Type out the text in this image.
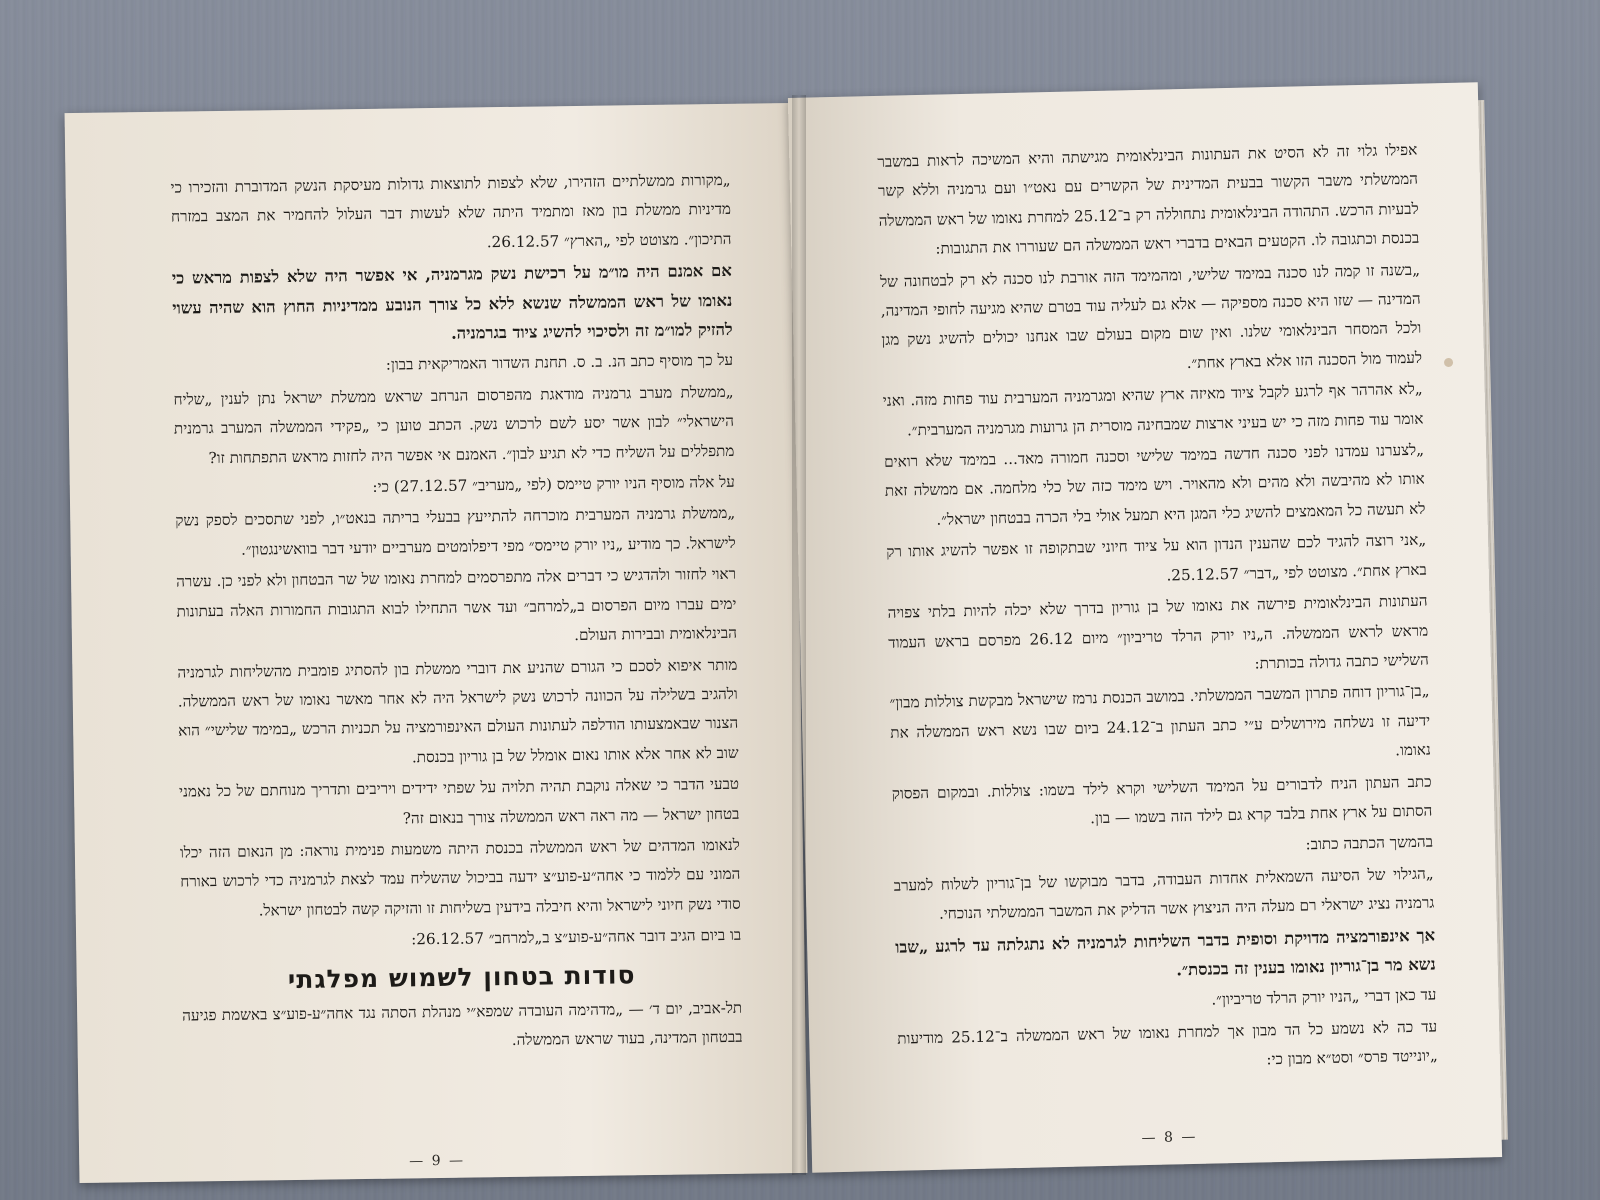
„מקורות ממשלתיים הזהירו, שלא לצפות לתוצאות גדולות מעיסקת הנשק המדוברת והזכירו כי מדיניות ממשלת בון מאז ומתמיד היתה שלא לעשות דבר העלול להחמיר את המצב במזרח התיכון״. מצוטט לפי „הארץ״ 26.12.57.

אם אמנם היה מו״מ על רכישת נשק מגרמניה, אי אפשר היה שלא לצפות מראש כי נאומו של ראש הממשלה שנשא ללא כל צורך הנובע ממדיניות החוץ הוא שהיה עשוי להזיק למו״מ זה ולסיכוי להשיג ציוד בגרמניה.

על כך מוסיף כתב הנ. ב. ס. תחנת השדור האמריקאית בבון:

„ממשלת מערב גרמניה מודאגת מהפרסום הנרחב שראש ממשלת ישראל נתן לענין „שליח הישראלי״ לבון אשר יסע לשם לרכוש נשק. הכתב טוען כי „פקידי הממשלה המערב גרמנית מתפללים על השליח כדי לא תגיע לבון״. האמנם אי אפשר היה לחזות מראש התפתחות זו?

על אלה מוסיף הניו יורק טיימס (לפי „מעריב״ 27.12.57) כי:

„ממשלת גרמניה המערבית מוכרחה להתייעץ בבעלי בריתה בנאט״ו, לפני שתסכים לספק נשק לישראל. כך מודיע „ניו יורק טיימס״ מפי דיפלומטים מערביים יודעי דבר בוואשינגטון״.

ראוי לחזור ולהדגיש כי דברים אלה מתפרסמים למחרת נאומו של שר הבטחון ולא לפני כן. עשרה ימים עברו מיום הפרסום ב„למרחב״ ועד אשר התחילו לבוא התגובות החמורות האלה בעתונות הבינלאומית ובבירות העולם.

מותר איפוא לסכם כי הגורם שהניע את דוברי ממשלת בון להסתיג פומבית מהשליחות לגרמניה ולהגיב בשלילה על הכוונה לרכוש נשק לישראל היה לא אחר מאשר נאומו של ראש הממשלה. הצנור שבאמצעותו הודלפה לעתונות העולם האינפורמציה על תכניות הרכש „במימד שלישי״ הוא שוב לא אחר אלא אותו נאום אומלל של בן גוריון בכנסת.

טבעי הדבר כי שאלה נוקבת תהיה תלויה על שפתי ידידים ויריבים ותדריך מנוחתם של כל נאמני בטחון ישראל — מה ראה ראש הממשלה צורך בנאום זה?

לנאומו המדהים של ראש הממשלה בכנסת היתה משמעות פנימית נוראה: מן הנאום הזה יכלו המוני עם ללמוד כי אחה״ע-פוע״צ ידעה בביכול שהשליח עמד לצאת לגרמניה כדי לרכוש באורח סודי נשק חיוני לישראל והיא חיבלה בידעין בשליחות זו והזיקה קשה לבטחון ישראל.

בו ביום הגיב דובר אחה״ע-פוע״צ ב„למרחב״ 26.12.57:

סודות בטחון לשמוש מפלגתי

תל-אביב, יום ד׳ — „מדהימה העובדה שמפא״י מנהלת הסתה נגד אחה״ע-פוע״צ באשמת פגיעה בבטחון המדינה, בעוד שראש הממשלה.

— 9 —

אפילו גלוי זה לא הסיט את העתונות הבינלאומית מגישתה והיא המשיכה לראות במשבר הממשלתי משבר הקשור בבעית המדינית של הקשרים עם נאט״ו ועם גרמניה וללא קשר לבעיות הרכש. התהודה הבינלאומית נתחוללה רק ב־25.12 למחרת נאומו של ראש הממשלה בכנסת וכתגובה לו. הקטעים הבאים בדברי ראש הממשלה הם שעוררו את התגובות:

„בשנה זו קמה לנו סכנה במימד שלישי, ומהמימד הזה אורבת לנו סכנה לא רק לבטחונה של המדינה — שזו היא סכנה מספיקה — אלא גם לעליה עוד בטרם שהיא מגיעה לחופי המדינה, ולכל המסחר הבינלאומי שלנו. ואין שום מקום בעולם שבו אנחנו יכולים להשיג נשק מגן לעמוד מול הסכנה הזו אלא בארץ אחת״.

„לא אהרהר אף לרגע לקבל ציוד מאיזה ארץ שהיא ומגרמניה המערבית עוד פחות מזה. ואני אומר עוד פחות מזה כי יש בעיני ארצות שמבחינה מוסרית הן גרועות מגרמניה המערבית״.

„לצערנו עמדנו לפני סכנה חדשה במימד שלישי וסכנה חמורה מאד... במימד שלא רואים אותו לא מהיבשה ולא מהים ולא מהאויר. ויש מימד כזה של כלי מלחמה. אם ממשלה זאת לא תעשה כל המאמצים להשיג כלי המגן היא תמעל אולי בלי הכרה בבטחון ישראל״.

„אני רוצה להגיד לכם שהענין הנדון הוא על ציוד חיוני שבתקופה זו אפשר להשיג אותו רק בארץ אחת״. מצוטט לפי „דבר״ 25.12.57.

העתונות הבינלאומית פירשה את נאומו של בן גוריון בדרך שלא יכלה להיות בלתי צפויה מראש לראש הממשלה. ה„ניו יורק הרלד טריביון״ מיום 26.12 מפרסם בראש העמוד השלישי כתבה גדולה בכותרת:

„בן־גוריון דוחה פתרון המשבר הממשלתי. במושב הכנסת נרמז שישראל מבקשת צוללות מבון״ ידיעה זו נשלחה מירושלים ע״י כתב העתון ב־24.12 ביום שבו נשא ראש הממשלה את נאומו.

כתב העתון הניח לדבורים על המימד השלישי וקרא לילד בשמו: צוללות. ובמקום הפסוק הסתום על ארץ אחת בלבד קרא גם לילד הזה בשמו — בון.

בהמשך הכתבה כתוב:

„הגילוי של הסיעה השמאלית אחדות העבודה, בדבר מבוקשו של בן־גוריון לשלוח למערב גרמניה נציג ישראלי רם מעלה היה הניצוץ אשר הדליק את המשבר הממשלתי הנוכחי.

אך אינפורמציה מדויקת וסופית בדבר השליחות לגרמניה לא נתגלתה עד לרגע „שבו נשא מר בן־גוריון נאומו בענין זה בכנסת״.

עד כאן דברי „הניו יורק הרלד טריביון״.

עד כה לא נשמע כל הד מבון אך למחרת נאומו של ראש הממשלה ב־25.12 מודיעות „יונייטד פרס״ וסט״א מבון כי:

— 8 —
